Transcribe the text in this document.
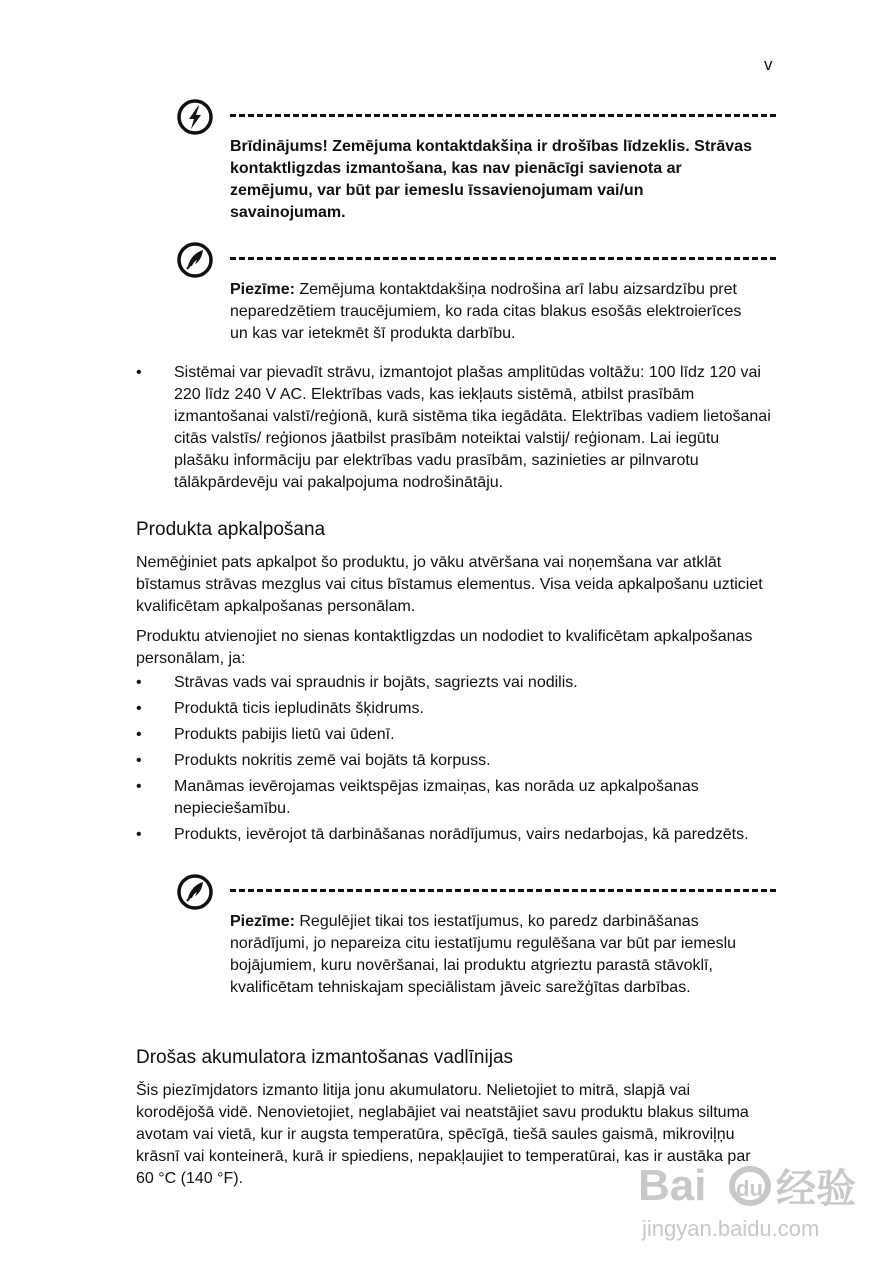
v
Brīdinājums! Zemējuma kontaktdakšiņa ir drošības līdzeklis. Strāvas kontaktligzdas izmantošana, kas nav pienācīgi savienota ar zemējumu, var būt par iemeslu īssavienojumam vai/un savainojumam.
Piezīme: Zemējuma kontaktdakšiņa nodrošina arī labu aizsardzību pret neparedzētiem traucējumiem, ko rada citas blakus esošās elektroierīces un kas var ietekmēt šī produkta darbību.
• Sistēmai var pievadīt strāvu, izmantojot plašas amplitūdas voltāžu: 100 līdz 120 vai 220 līdz 240 V AC. Elektrības vads, kas iekļauts sistēmā, atbilst prasībām izmantošanai valstī/reģionā, kurā sistēma tika iegādāta. Elektrības vadiem lietošanai citās valstīs/ reģionos jāatbilst prasībām noteiktai valstij/ reģionam. Lai iegūtu plašāku informāciju par elektrības vadu prasībām, sazinieties ar pilnvarotu tālākpārdevēju vai pakalpojuma nodrošinātāju.
Produkta apkalpošana
Nemēģiniet pats apkalpot šo produktu, jo vāku atvēršana vai noņemšana var atklāt bīstamus strāvas mezglus vai citus bīstamus elementus. Visa veida apkalpošanu uzticiet kvalificētam apkalpošanas personālam.
Produktu atvienojiet no sienas kontaktligzdas un nododiet to kvalificētam apkalpošanas personālam, ja:
• Strāvas vads vai spraudnis ir bojāts, sagriezts vai nodilis.
• Produktā ticis iepludināts šķidrums.
• Produkts pabijis lietū vai ūdenī.
• Produkts nokritis zemē vai bojāts tā korpuss.
• Manāmas ievērojamas veiktspējas izmaiņas, kas norāda uz apkalpošanas nepieciešamību.
• Produkts, ievērojot tā darbināšanas norādījumus, vairs nedarbojas, kā paredzēts.
Piezīme: Regulējiet tikai tos iestatījumus, ko paredz darbināšanas norādījumi, jo nepareiza citu iestatījumu regulēšana var būt par iemeslu bojājumiem, kuru novēršanai, lai produktu atgrieztu parastā stāvoklī, kvalificētam tehniskajam speciālistam jāveic sarežģītas darbības.
Drošas akumulatora izmantošanas vadlīnijas
Šis piezīmjdators izmanto litija jonu akumulatoru. Nelietojiet to mitrā, slapjā vai korodējošā vidē. Nenovietojiet, neglabājiet vai neatstājiet savu produktu blakus siltuma avotam vai vietā, kur ir augsta temperatūra, spēcīgā, tiešā saules gaismā, mikroviļņu krāsnī vai konteinerā, kurā ir spiediens, nepakļaujiet to temperatūrai, kas ir austāka par 60 °C (140 °F).	Bai du 经验
jingyan.baidu.com
